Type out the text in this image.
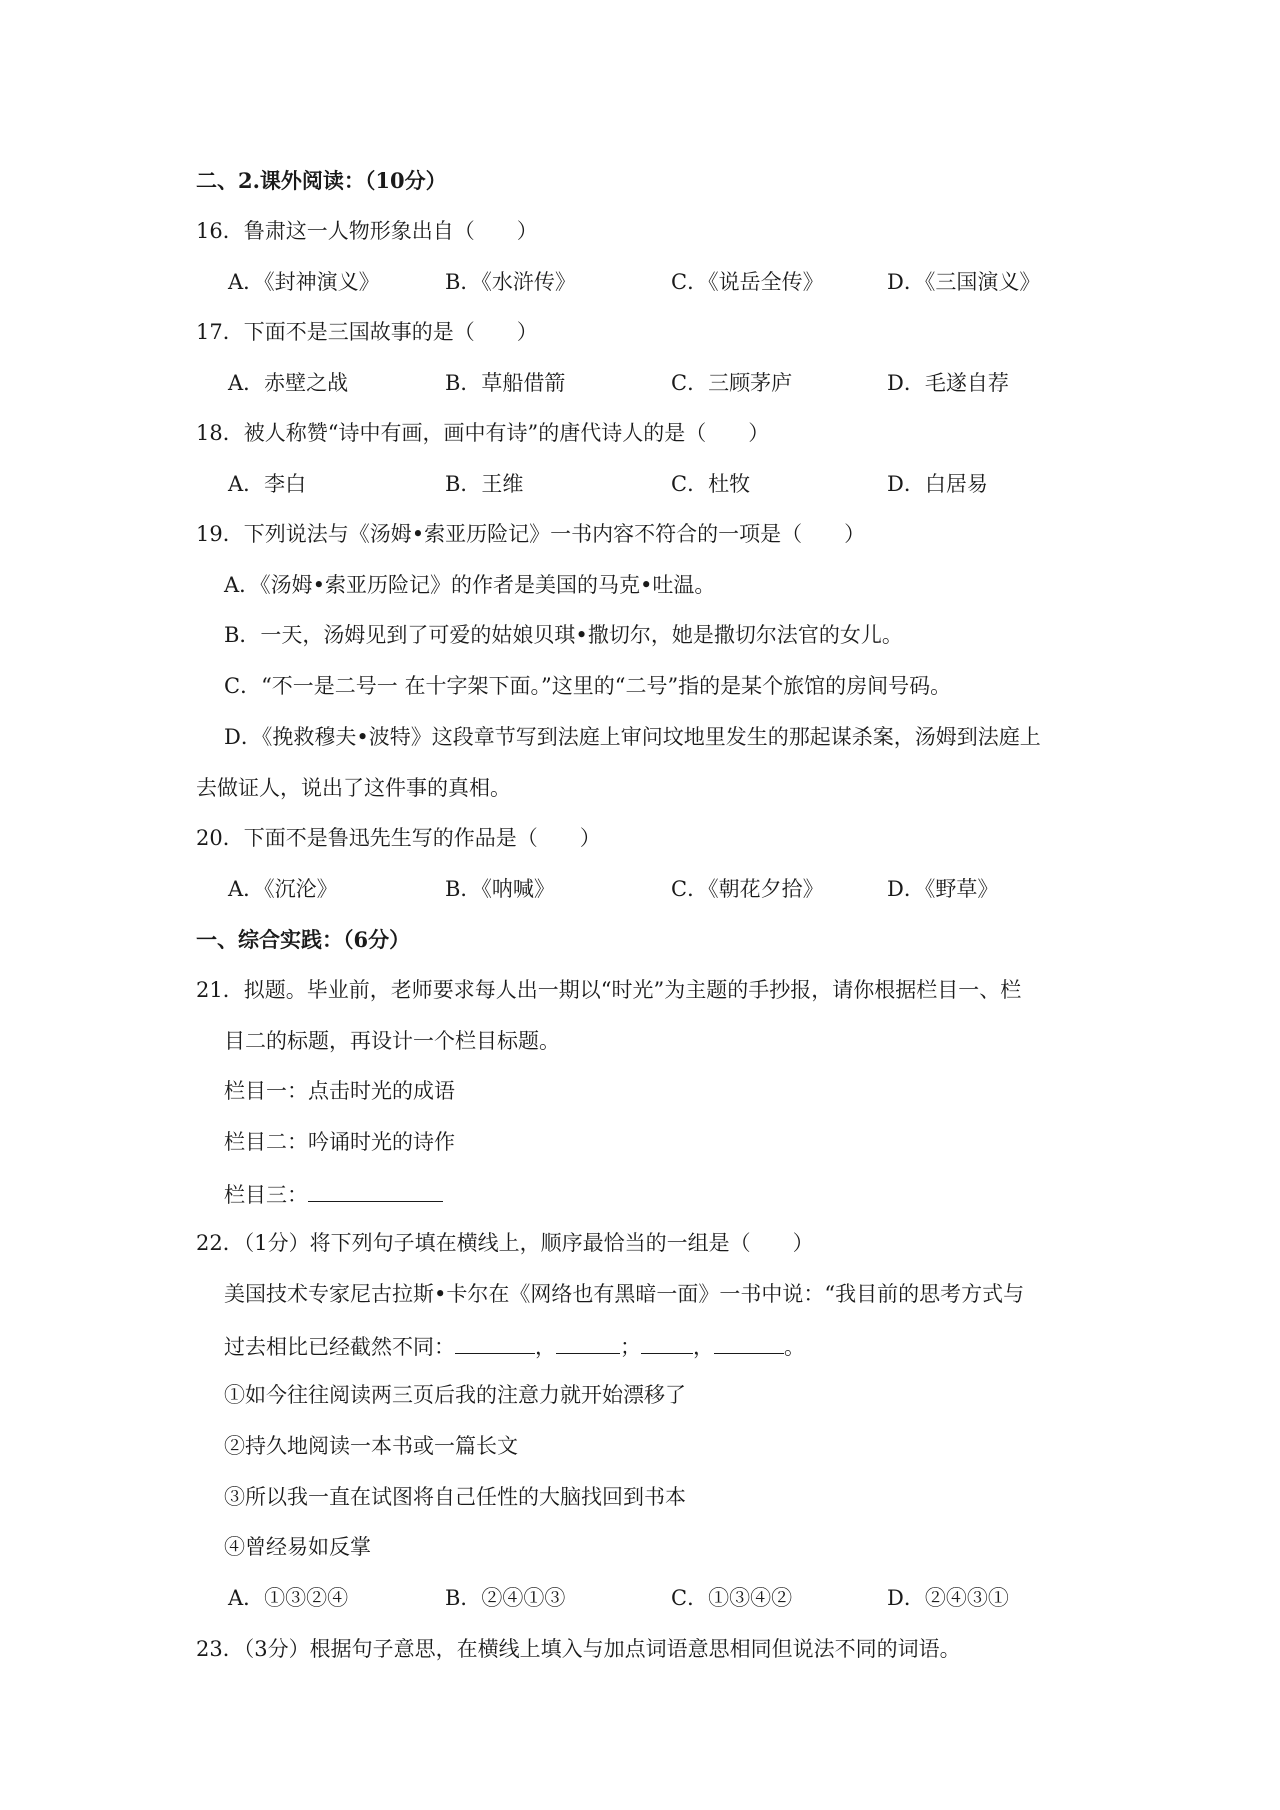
二、2.课外阅读：（10分）
16．鲁肃这一人物形象出自（　　）
A．《封神演义》	B．《水浒传》	C．《说岳全传》	D．《三国演义》
17．下面不是三国故事的是（　　）
A．赤壁之战	B．草船借箭	C．三顾茅庐	D．毛遂自荐
18．被人称赞“诗中有画，画中有诗”的唐代诗人的是（　　）
A．李白	B．王维	C．杜牧	D．白居易
19．下列说法与《汤姆•索亚历险记》一书内容不符合的一项是（　　）
A．《汤姆•索亚历险记》的作者是美国的马克•吐温。
B．一天，汤姆见到了可爱的姑娘贝琪•撒切尔，她是撒切尔法官的女儿。
C．“不一是二号一 在十字架下面。”这里的“二号”指的是某个旅馆的房间号码。
D．《挽救穆夫•波特》这段章节写到法庭上审问坟地里发生的那起谋杀案，汤姆到法庭上
去做证人，说出了这件事的真相。
20．下面不是鲁迅先生写的作品是（　　）
A．《沉沦》	B．《呐喊》	C．《朝花夕拾》	D．《野草》
一、综合实践：（6分）
21．拟题。毕业前，老师要求每人出一期以“时光”为主题的手抄报，请你根据栏目一、栏
目二的标题，再设计一个栏目标题。
栏目一：点击时光的成语
栏目二：吟诵时光的诗作
栏目三：
22．（1分）将下列句子填在横线上，顺序最恰当的一组是（　　）
美国技术专家尼古拉斯•卡尔在《网络也有黑暗一面》一书中说：“我目前的思考方式与
过去相比已经截然不同：	，	； ，	。
①如今往往阅读两三页后我的注意力就开始漂移了
②持久地阅读一本书或一篇长文
③所以我一直在试图将自己任性的大脑找回到书本
④曾经易如反掌
A．①③②④	B．②④①③	C．①③④②	D．②④③①
23．（3分）根据句子意思，在横线上填入与加点词语意思相同但说法不同的词语。
